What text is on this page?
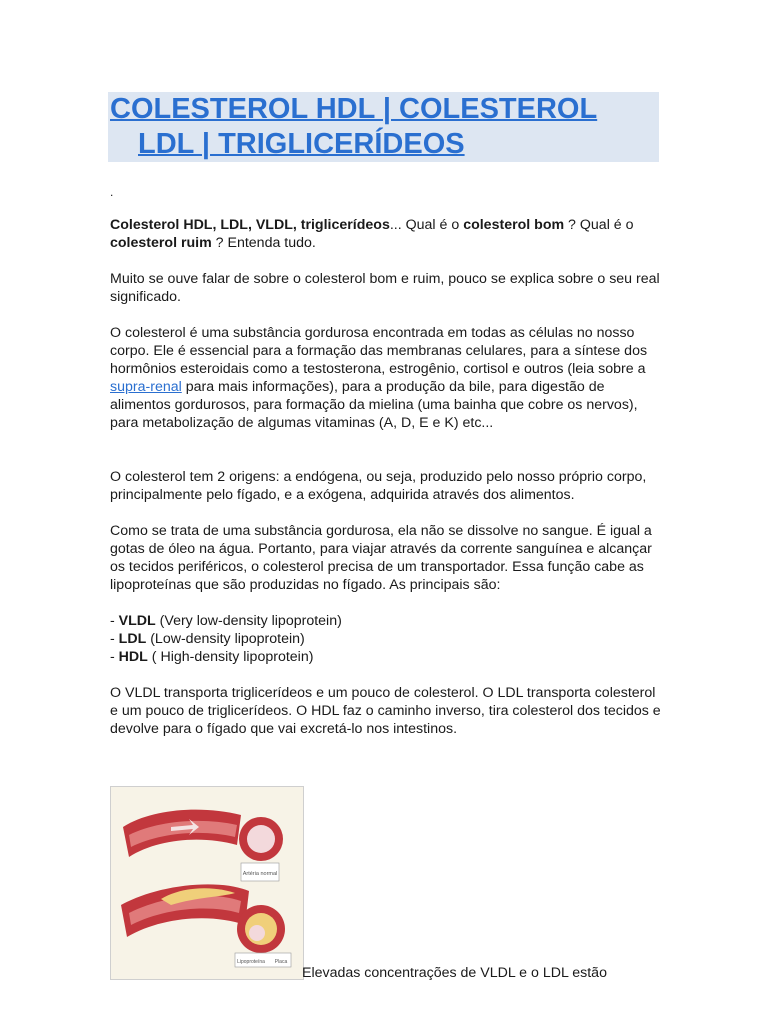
COLESTEROL HDL | COLESTEROL
LDL | TRIGLICERÍDEOS

.

Colesterol HDL, LDL, VLDL, triglicerídeos... Qual é o colesterol bom ? Qual é o colesterol ruim ? Entenda tudo.

Muito se ouve falar de sobre o colesterol bom e ruim, pouco se explica sobre o seu real significado.

O colesterol é uma substância gordurosa encontrada em todas as células no nosso corpo. Ele é essencial para a formação das membranas celulares, para a síntese dos hormônios esteroidais como a testosterona, estrogênio, cortisol e outros (leia sobre a supra-renal para mais informações), para a produção da bile, para digestão de alimentos gordurosos, para formação da mielina (uma bainha que cobre os nervos), para metabolização de algumas vitaminas (A, D, E e K) etc...

O colesterol tem 2 origens: a endógena, ou seja, produzido pelo nosso próprio corpo, principalmente pelo fígado, e a exógena, adquirida através dos alimentos.

Como se trata de uma substância gordurosa, ela não se dissolve no sangue. É igual a gotas de óleo na água. Portanto, para viajar através da corrente sanguínea e alcançar os tecidos periféricos, o colesterol precisa de um transportador. Essa função cabe as lipoproteínas que são produzidas no fígado. As principais são:

- VLDL (Very low-density lipoprotein)

- LDL (Low-density lipoprotein)

- HDL ( High-density lipoprotein)

O VLDL transporta triglicerídeos e um pouco de colesterol. O LDL transporta colesterol e um pouco de triglicerídeos. O HDL faz o caminho inverso, tira colesterol dos tecidos e devolve para o fígado que vai excretá-lo nos intestinos.

Artéria normal
Lipoproteína Placa
Elevadas concentrações de VLDL e o LDL estão
